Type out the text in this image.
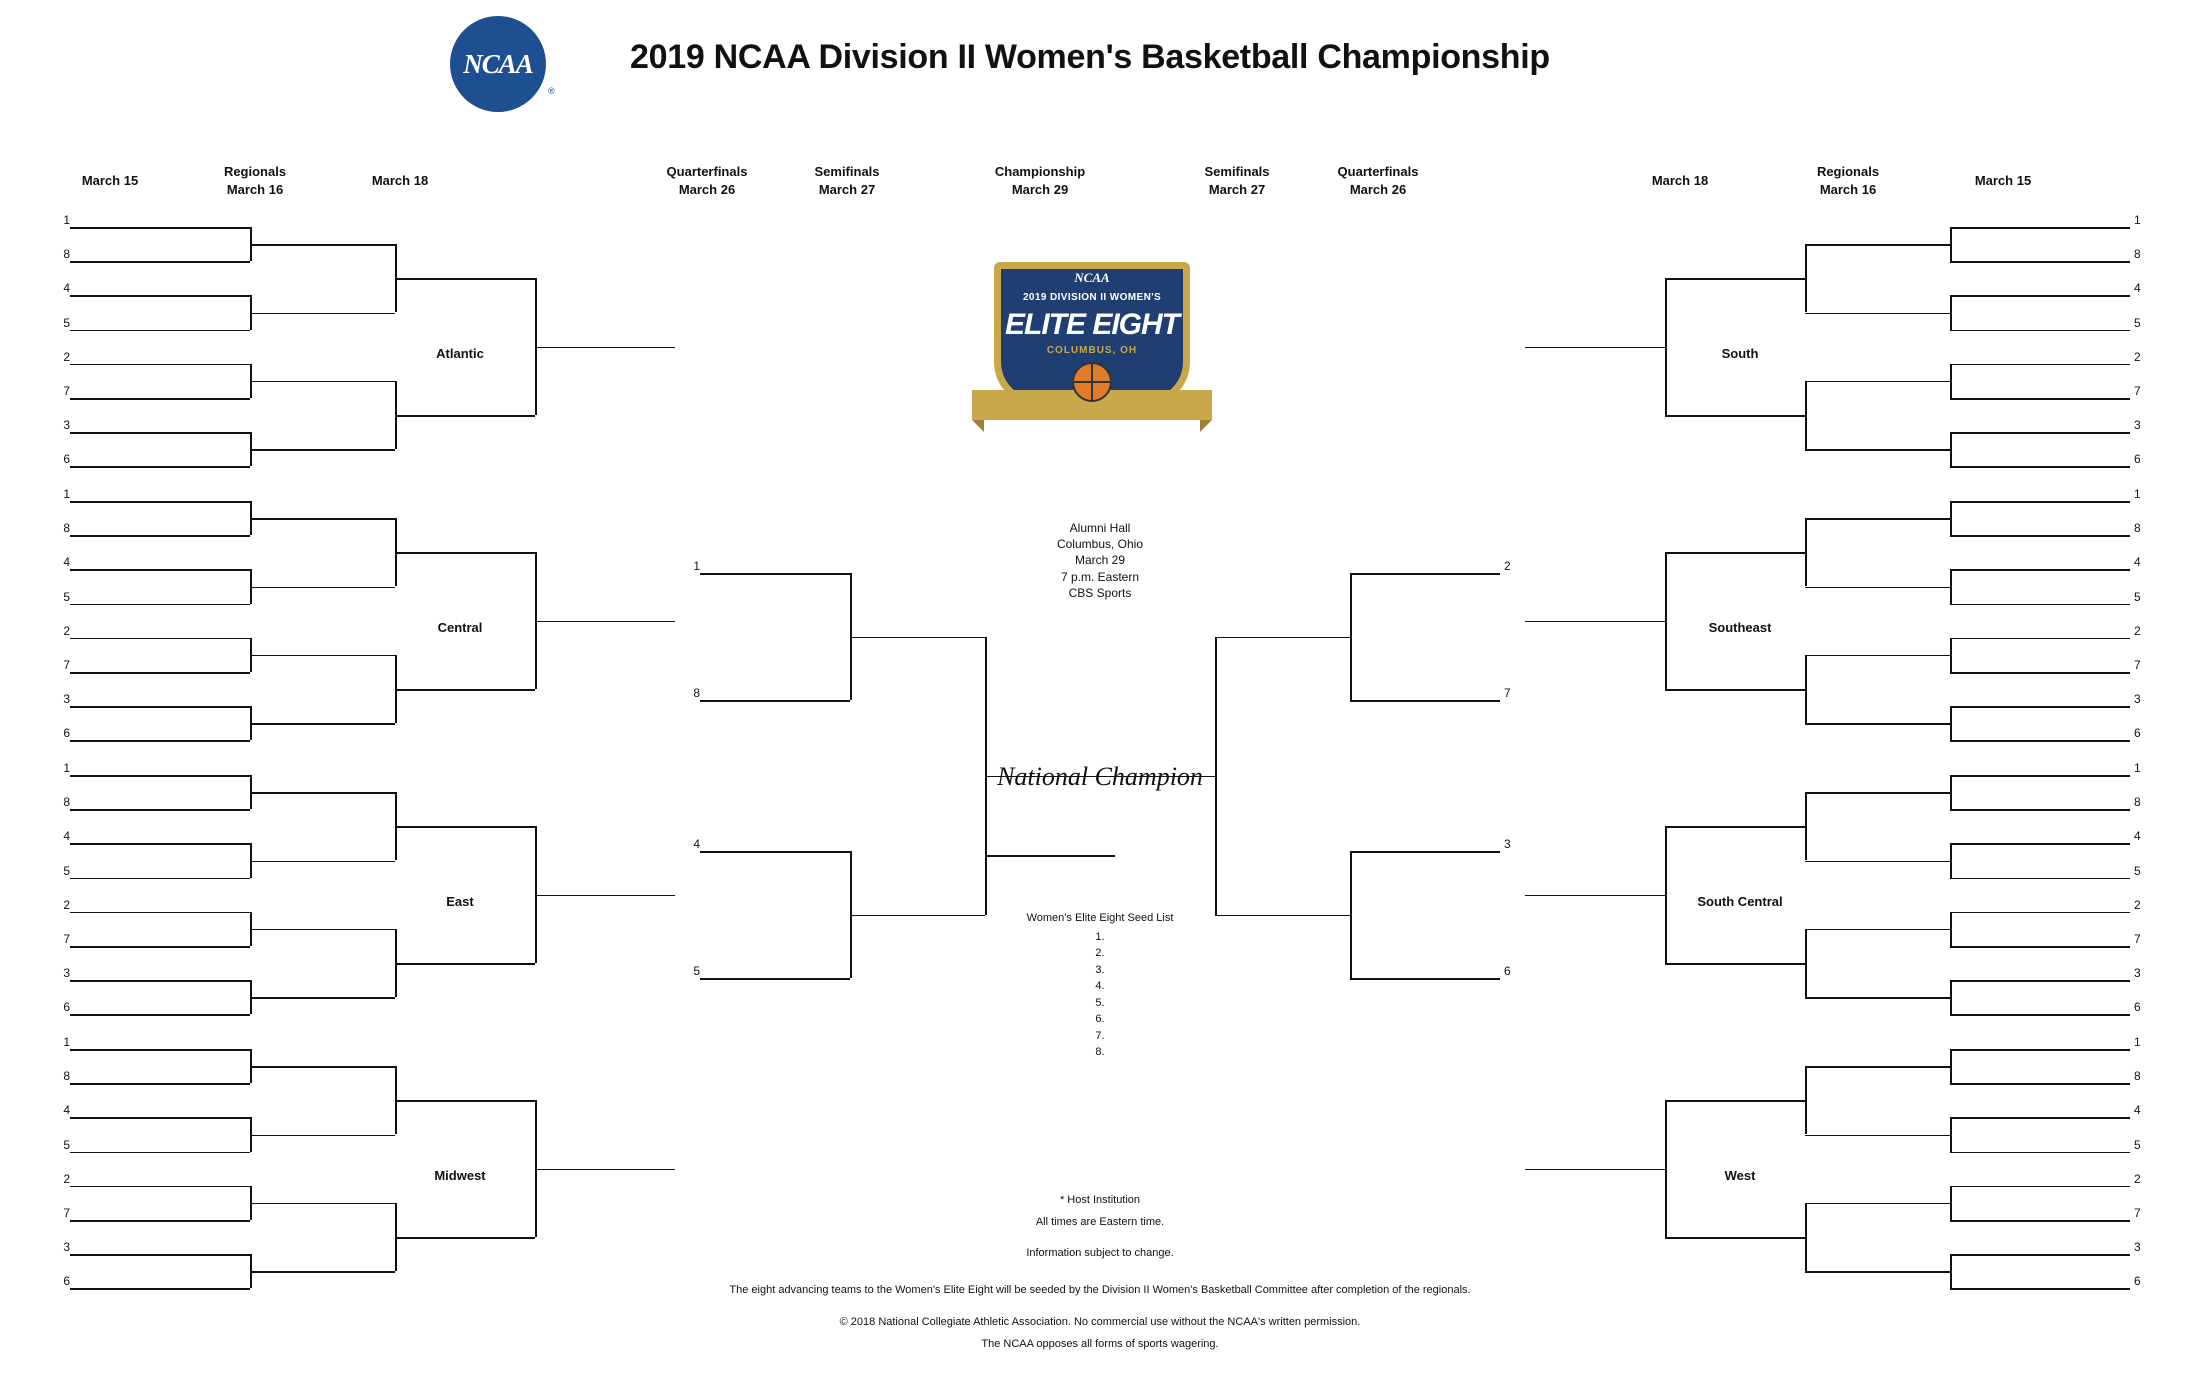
NCAA
®
2019 NCAA Division II Women's Basketball Championship
March 15
Regionals
March 16
March 18
Quarterfinals
March 26
Semifinals
March 27
Championship
March 29
Semifinals
March 27
Quarterfinals
March 26
March 18
Regionals
March 16
March 15
1
8
4
5
2
7
3
6
1
8
4
5
2
7
3
6
1
8
4
5
2
7
3
6
1
8
4
5
2
7
3
6
1
8
4
5
2
7
3
6
1
8
4
5
2
7
3
6
1
8
4
5
2
7
3
6
1
8
4
5
2
7
3
6
1
8
4
5
2
7
3
6
Atlantic
Central
East
Midwest
South
Southeast
South Central
West
NCAA
2019 DIVISION II WOMEN'S
ELITE EIGHT
COLUMBUS, OH
Alumni Hall
Columbus, Ohio
March 29
7 p.m. Eastern
CBS Sports
National Champion
Women's Elite Eight Seed List
1.
2.
3.
4.
5.
6.
7.
8.
* Host Institution
All times are Eastern time.
Information subject to change.
The eight advancing teams to the Women's Elite Eight will be seeded by the Division II Women's Basketball Committee after completion of the regionals.
© 2018 National Collegiate Athletic Association. No commercial use without the NCAA's written permission.
The NCAA opposes all forms of sports wagering.
